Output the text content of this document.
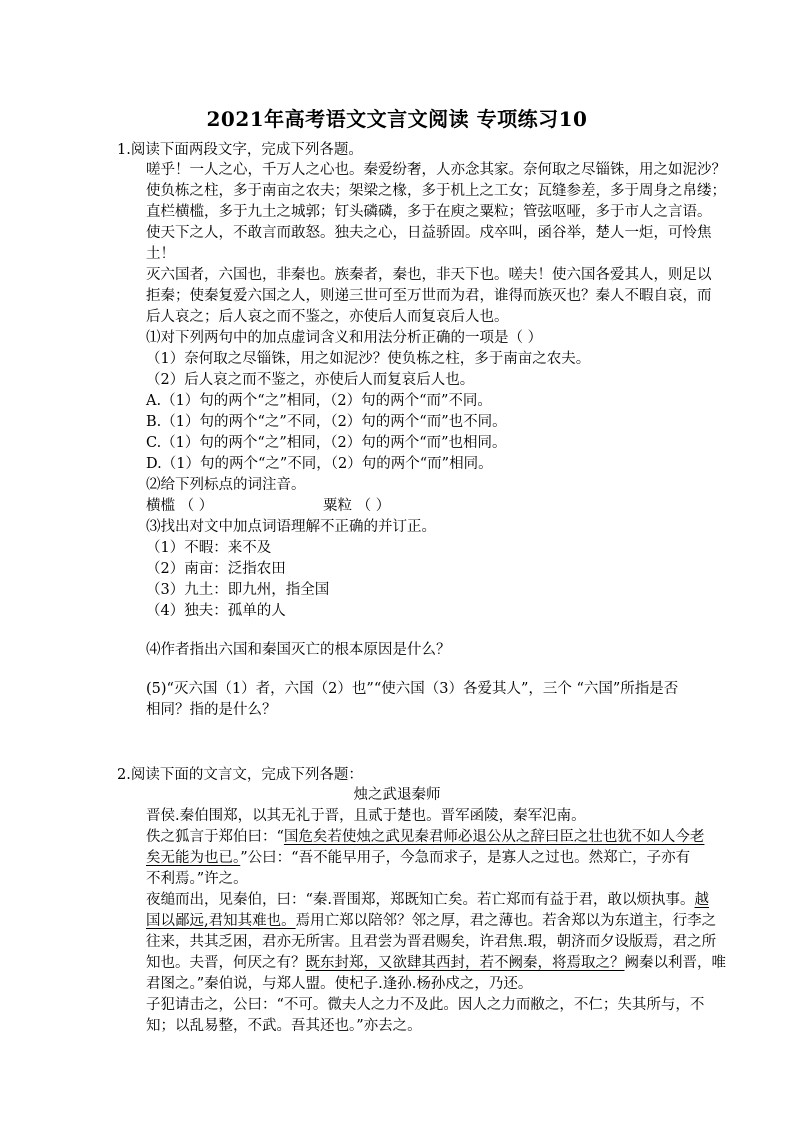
2021年高考语文文言文阅读 专项练习10
1.阅读下面两段文字，完成下列各题。
嗟乎！一人之心，千万人之心也。秦爱纷奢，人亦念其家。奈何取之尽锱铢，用之如泥沙？
使负栋之柱，多于南亩之农夫；架梁之椽，多于机上之工女；瓦缝参差，多于周身之帛缕；
直栏横槛，多于九土之城郭；钉头磷磷，多于在庾之粟粒；管弦呕哑，多于市人之言语。
使天下之人，不敢言而敢怒。独夫之心，日益骄固。戍卒叫，函谷举，楚人一炬，可怜焦
土！
灭六国者，六国也，非秦也。族秦者，秦也，非天下也。嗟夫！使六国各爱其人，则足以
拒秦；使秦复爱六国之人，则递三世可至万世而为君，谁得而族灭也？秦人不暇自哀，而
后人哀之；后人哀之而不鉴之，亦使后人而复哀后人也。
⑴对下列两句中的加点虚词含义和用法分析正确的一项是（ ）
（1）奈何取之尽锱铢，用之如泥沙？使负栋之柱，多于南亩之农夫。
（2）后人哀之而不鉴之，亦使后人而复哀后人也。
A.（1）句的两个“之”相同，（2）句的两个“而”不同。
B.（1）句的两个“之”不同，（2）句的两个“而”也不同。
C.（1）句的两个“之”相同，（2）句的两个“而”也相同。
D.（1）句的两个“之”不同，（2）句的两个“而”相同。
⑵给下列标点的词注音。
横槛 （ ）	粟粒 （ ）
⑶找出对文中加点词语理解不正确的并订正。
（1）不暇：来不及
（2）南亩：泛指农田
（3）九土：即九州，指全国
（4）独夫：孤单的人
⑷作者指出六国和秦国灭亡的根本原因是什么？
(5)“灭六国（1）者，六国（2）也”“使六国（3）各爱其人”，三个 “六国”所指是否
相同？指的是什么？
2.阅读下面的文言文，完成下列各题：
烛之武退秦师
晋侯.秦伯围郑，以其无礼于晋，且贰于楚也。晋军函陵，秦军氾南。
佚之狐言于郑伯曰：“国危矣若使烛之武见秦君师必退公从之辞曰臣之壮也犹不如人今老
矣无能为也已。”公曰：“吾不能早用子，今急而求子，是寡人之过也。然郑亡，子亦有
不利焉。”许之。
夜缒而出，见秦伯，曰：“秦.晋围郑，郑既知亡矣。若亡郑而有益于君，敢以烦执事。越
国以鄙远,君知其难也。焉用亡郑以陪邻？邻之厚，君之薄也。若舍郑以为东道主，行李之
往来，共其乏困，君亦无所害。且君尝为晋君赐矣，许君焦.瑕，朝济而夕设版焉，君之所
知也。夫晋，何厌之有？既东封郑，又欲肆其西封，若不阙秦，将焉取之？阙秦以利晋，唯
君图之。”秦伯说，与郑人盟。使杞子.逢孙.杨孙戍之，乃还。
子犯请击之，公曰：“不可。微夫人之力不及此。因人之力而敝之，不仁；失其所与，不
知；以乱易整，不武。吾其还也。”亦去之。
